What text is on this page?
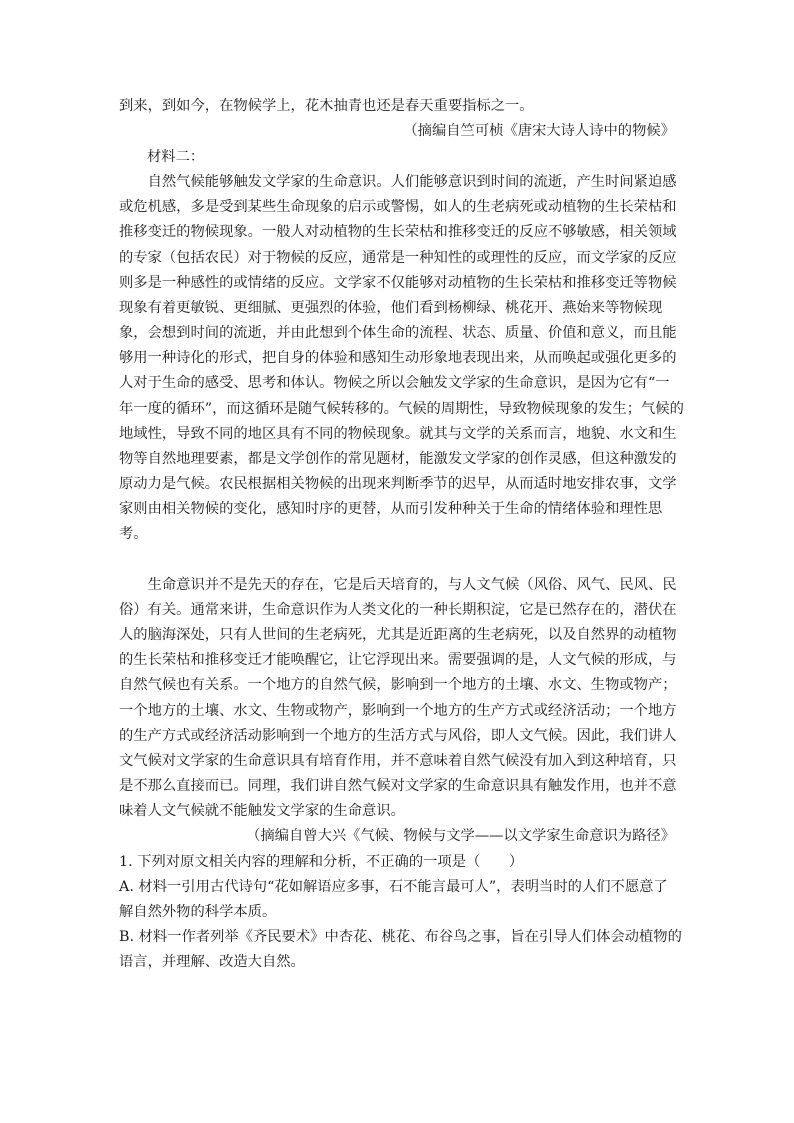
到来，到如今，在物候学上，花木抽青也还是春天重要指标之一。
（摘编自竺可桢《唐宋大诗人诗中的物候》
材料二：
　　自然气候能够触发文学家的生命意识。人们能够意识到时间的流逝，产生时间紧迫感
或危机感，多是受到某些生命现象的启示或警惕，如人的生老病死或动植物的生长荣枯和
推移变迁的物候现象。一般人对动植物的生长荣枯和推移变迁的反应不够敏感，相关领域
的专家（包括农民）对于物候的反应，通常是一种知性的或理性的反应，而文学家的反应
则多是一种感性的或情绪的反应。文学家不仅能够对动植物的生长荣枯和推移变迁等物候
现象有着更敏锐、更细腻、更强烈的体验，他们看到杨柳绿、桃花开、燕始来等物候现
象，会想到时间的流逝，并由此想到个体生命的流程、状态、质量、价值和意义，而且能
够用一种诗化的形式，把自身的体验和感知生动形象地表现出来，从而唤起或强化更多的
人对于生命的感受、思考和体认。物候之所以会触发文学家的生命意识，是因为它有“一
年一度的循环”，而这循环是随气候转移的。气候的周期性，导致物候现象的发生；气候的
地域性，导致不同的地区具有不同的物候现象。就其与文学的关系而言，地貌、水文和生
物等自然地理要素，都是文学创作的常见题材，能激发文学家的创作灵感，但这种激发的
原动力是气候。农民根据相关物候的出现来判断季节的迟早，从而适时地安排农事，文学
家则由相关物候的变化，感知时序的更替，从而引发种种关于生命的情绪体验和理性思
考。
　　生命意识并不是先天的存在，它是后天培育的，与人文气候（风俗、风气、民风、民
俗）有关。通常来讲，生命意识作为人类文化的一种长期积淀，它是已然存在的，潜伏在
人的脑海深处，只有人世间的生老病死，尤其是近距离的生老病死，以及自然界的动植物
的生长荣枯和推移变迁才能唤醒它，让它浮现出来。需要强调的是，人文气候的形成，与
自然气候也有关系。一个地方的自然气候，影响到一个地方的土壤、水文、生物或物产；
一个地方的土壤、水文、生物或物产，影响到一个地方的生产方式或经济活动；一个地方
的生产方式或经济活动影响到一个地方的生活方式与风俗，即人文气候。因此，我们讲人
文气候对文学家的生命意识具有培育作用，并不意味着自然气候没有加入到这种培育，只
是不那么直接而已。同理，我们讲自然气候对文学家的生命意识具有触发作用，也并不意
味着人文气候就不能触发文学家的生命意识。
（摘编自曾大兴《气候、物候与文学——以文学家生命意识为路径》
1. 下列对原文相关内容的理解和分析，不正确的一项是（　　）
A. 材料一引用古代诗句“花如解语应多事，石不能言最可人”，表明当时的人们不愿意了
解自然外物的科学本质。
B. 材料一作者列举《齐民要术》中杏花、桃花、布谷鸟之事，旨在引导人们体会动植物的
语言，并理解、改造大自然。
